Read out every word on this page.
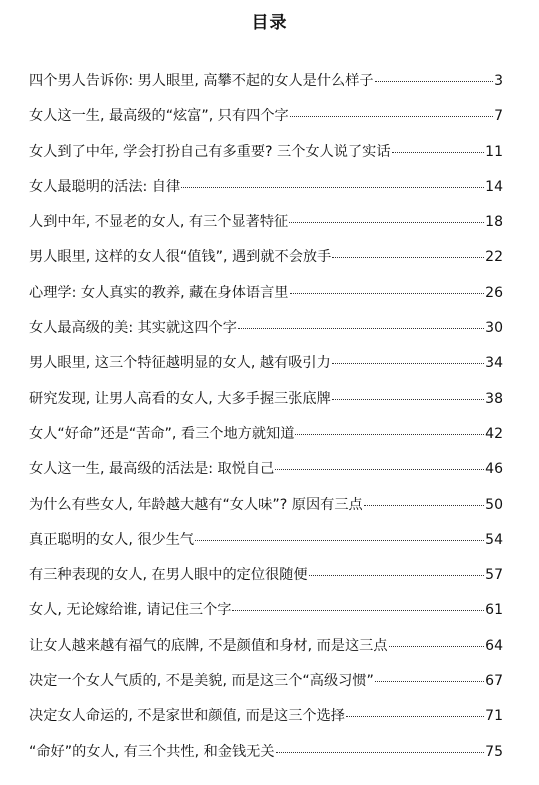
目录
四个男人告诉你: 男人眼里, 高攀不起的女人是什么样子	3
女人这一生, 最高级的“炫富”, 只有四个字	7
女人到了中年, 学会打扮自己有多重要? 三个女人说了实话	11
女人最聪明的活法: 自律	14
人到中年, 不显老的女人, 有三个显著特征	18
男人眼里, 这样的女人很“值钱”, 遇到就不会放手	22
心理学: 女人真实的教养, 藏在身体语言里	26
女人最高级的美: 其实就这四个字	30
男人眼里, 这三个特征越明显的女人, 越有吸引力	34
研究发现, 让男人高看的女人, 大多手握三张底牌	38
女人“好命”还是“苦命”, 看三个地方就知道	42
女人这一生, 最高级的活法是: 取悦自己	46
为什么有些女人, 年龄越大越有“女人味”? 原因有三点	50
真正聪明的女人, 很少生气	54
有三种表现的女人, 在男人眼中的定位很随便	57
女人, 无论嫁给谁, 请记住三个字	61
让女人越来越有福气的底牌, 不是颜值和身材, 而是这三点	64
决定一个女人气质的, 不是美貌, 而是这三个“高级习惯”	67
决定女人命运的, 不是家世和颜值, 而是这三个选择	71
“命好”的女人, 有三个共性, 和金钱无关	75
